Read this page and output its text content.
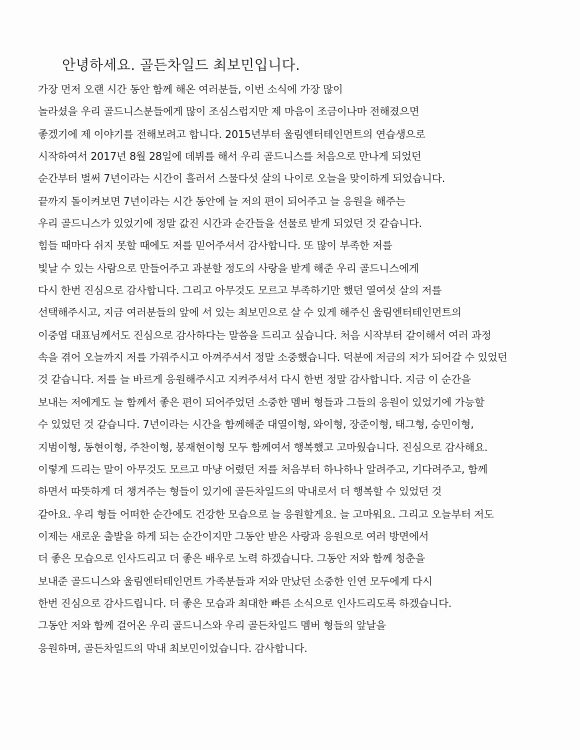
안녕하세요. 골든차일드 최보민입니다.
가장 먼저 오랜 시간 동안 함께 해온 여러분들, 이번 소식에 가장 많이
놀라셨을 우리 골드니스분들에게 많이 조심스럽지만 제 마음이 조금이나마 전해졌으면
좋겠기에 제 이야기를 전해보려고 합니다. 2015년부터 울림엔터테인먼트의 연습생으로
시작하여서 2017년 8월 28일에 데뷔를 해서 우리 골드니스를 처음으로 만나게 되었던
순간부터 벌써 7년이라는 시간이 흘러서 스물다섯 살의 나이로 오늘을 맞이하게 되었습니다.
끝까지 돌이켜보면 7년이라는 시간 동안에 늘 저의 편이 되어주고 늘 응원을 해주는
우리 골드니스가 있었기에 정말 값진 시간과 순간들을 선물로 받게 되었던 것 같습니다.
힘들 때마다 쉬지 못할 때에도 저를 믿어주셔서 감사합니다. 또 많이 부족한 저를
빛날 수 있는 사람으로 만들어주고 과분할 정도의 사랑을 받게 해준 우리 골드니스에게
다시 한번 진심으로 감사합니다. 그리고 아무것도 모르고 부족하기만 했던 열여섯 살의 저를
선택해주시고, 지금 여러분들의 앞에 서 있는 최보민으로 살 수 있게 해주신 울림엔터테인먼트의
이중엽 대표님께서도 진심으로 감사하다는 말씀을 드리고 싶습니다. 처음 시작부터 같이해서 여러 과정
속을 겪어 오늘까지 저를 가꿔주시고 아껴주셔서 정말 소중했습니다. 덕분에 저금의 저가 되어갈 수 있었던
것 같습니다. 저를 늘 바르게 응원해주시고 지켜주셔서 다시 한번 정말 감사합니다. 지금 이 순간을
보내는 저에게도 늘 함께서 좋은 편이 되어주었던 소중한 멤버 형들과 그들의 응원이 있었기에 가능할
수 있었던 것 같습니다. 7년이라는 시간을 함께해준 대열이형, 와이형, 장준이형, 태그형, 승민이형,
지범이형, 동현이형, 주찬이형, 봉재현이형 모두 함께여서 행복했고 고마웠습니다. 진심으로 감사해요.
이렇게 드리는 말이 아무것도 모르고 마냥 어렸던 저를 처음부터 하나하나 알려주고, 기다려주고, 함께
하면서 따뜻하게 더 챙겨주는 형들이 있기에 골든차일드의 막내로서 더 행복할 수 있었던 것
같아요. 우리 형들 어떠한 순간에도 건강한 모습으로 늘 응원할게요. 늘 고마워요. 그리고 오늘부터 저도
이제는 새로운 출발을 하게 되는 순간이지만 그동안 받은 사랑과 응원으로 여러 방면에서
더 좋은 모습으로 인사드리고 더 좋은 배우로 노력 하겠습니다. 그동안 저와 함께 청춘을
보내준 골드니스와 울림엔터테인먼트 가족분들과 저와 만났던 소중한 인연 모두에게 다시
한번 진심으로 감사드립니다. 더 좋은 모습과 최대한 빠른 소식으로 인사드리도록 하겠습니다.
그동안 저와 함께 걸어온 우리 골드니스와 우리 골든차일드 멤버 형들의 앞날을
응원하며, 골든차일드의 막내 최보민이었습니다. 감사합니다.
